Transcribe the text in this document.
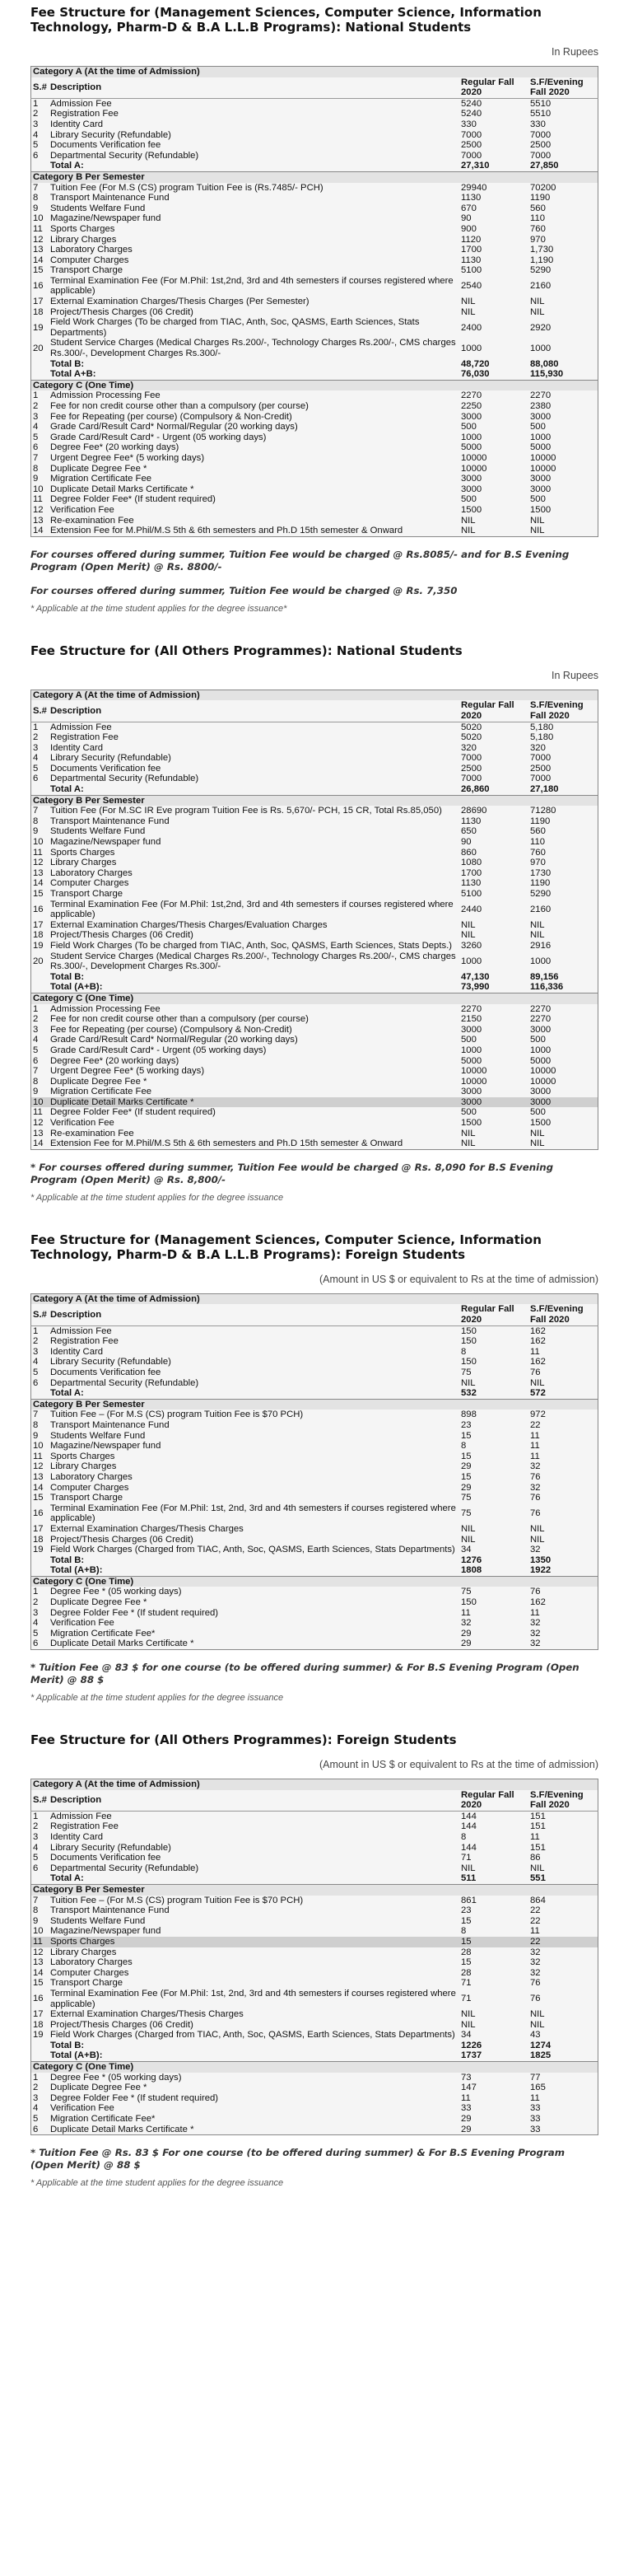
Fee Structure for (Management Sciences, Computer Science, Information Technology, Pharm-D & B.A L.L.B Programs): National Students
In Rupees
Category A (At the time of Admission)			
S.#	Description	Regular Fall 2020	S.F/Evening Fall 2020
1	Admission Fee	5240	5510
2	Registration Fee	5240	5510
3	Identity Card	330	330
4	Library Security (Refundable)	7000	7000
5	Documents Verification fee	2500	2500
6	Departmental Security (Refundable)	7000	7000
	Total A:	27,310	27,850
Category B Per Semester			
7	Tuition Fee (For M.S (CS) program Tuition Fee is (Rs.7485/- PCH)	29940	70200
8	Transport Maintenance Fund	1130	1190
9	Students Welfare Fund	670	560
10	Magazine/Newspaper fund	90	110
11	Sports Charges	900	760
12	Library Charges	1120	970
13	Laboratory Charges	1700	1,730
14	Computer Charges	1130	1,190
15	Transport Charge	5100	5290
16	Terminal Examination Fee (For M.Phil: 1st,2nd, 3rd and 4th semesters if courses registered where applicable)	2540	2160
17	External Examination Charges/Thesis Charges (Per Semester)	NIL	NIL
18	Project/Thesis Charges (06 Credit)	NIL	NIL
19	Field Work Charges (To be charged from TIAC, Anth, Soc, QASMS, Earth Sciences, Stats Departments)	2400	2920
20	Student Service Charges (Medical Charges Rs.200/-, Technology Charges Rs.200/-, CMS charges Rs.300/-, Development Charges Rs.300/-	1000	1000
	Total B:	48,720	88,080
	Total A+B:	76,030	115,930
Category C (One Time)			
1	Admission Processing Fee	2270	2270
2	Fee for non credit course other than a compulsory (per course)	2250	2380
3	Fee for Repeating (per course) (Compulsory & Non-Credit)	3000	3000
4	Grade Card/Result Card* Normal/Regular (20 working days)	500	500
5	Grade Card/Result Card* - Urgent (05 working days)	1000	1000
6	Degree Fee* (20 working days)	5000	5000
7	Urgent Degree Fee* (5 working days)	10000	10000
8	Duplicate Degree Fee *	10000	10000
9	Migration Certificate Fee	3000	3000
10	Duplicate Detail Marks Certificate *	3000	3000
11	Degree Folder Fee* (If student required)	500	500
12	Verification Fee	1500	1500
13	Re-examination Fee	NIL	NIL
14	Extension Fee for M.Phil/M.S 5th & 6th semesters and Ph.D 15th semester & Onward	NIL	NIL

For courses offered during summer, Tuition Fee would be charged @ Rs.8085/- and for B.S Evening Program (Open Merit) @ Rs. 8800/-

For courses offered during summer, Tuition Fee would be charged @ Rs. 7,350

* Applicable at the time student applies for the degree issuance*

Fee Structure for (All Others Programmes): National Students
In Rupees
Category A (At the time of Admission)			
S.#	Description	Regular Fall 2020	S.F/Evening Fall 2020
1	Admission Fee	5020	5,180
2	Registration Fee	5020	5,180
3	Identity Card	320	320
4	Library Security (Refundable)	7000	7000
5	Documents Verification fee	2500	2500
6	Departmental Security (Refundable)	7000	7000
	Total A:	26,860	27,180
Category B Per Semester			
7	Tuition Fee (For M.SC IR Eve program Tuition Fee is Rs. 5,670/- PCH, 15 CR, Total Rs.85,050)	28690	71280
8	Transport Maintenance Fund	1130	1190
9	Students Welfare Fund	650	560
10	Magazine/Newspaper fund	90	110
11	Sports Charges	860	760
12	Library Charges	1080	970
13	Laboratory Charges	1700	1730
14	Computer Charges	1130	1190
15	Transport Charge	5100	5290
16	Terminal Examination Fee (For M.Phil: 1st,2nd, 3rd and 4th semesters if courses registered where applicable)	2440	2160
17	External Examination Charges/Thesis Charges/Evaluation Charges	NIL	NIL
18	Project/Thesis Charges (06 Credit)	NIL	NIL
19	Field Work Charges (To be charged from TIAC, Anth, Soc, QASMS, Earth Sciences, Stats Depts.)	3260	2916
20	Student Service Charges (Medical Charges Rs.200/-, Technology Charges Rs.200/-, CMS charges Rs.300/-, Development Charges Rs.300/-	1000	1000
	Total B:	47,130	89,156
	Total (A+B):	73,990	116,336
Category C (One Time)			
1	Admission Processing Fee	2270	2270
2	Fee for non credit course other than a compulsory (per course)	2150	2270
3	Fee for Repeating (per course) (Compulsory & Non-Credit)	3000	3000
4	Grade Card/Result Card* Normal/Regular (20 working days)	500	500
5	Grade Card/Result Card* - Urgent (05 working days)	1000	1000
6	Degree Fee* (20 working days)	5000	5000
7	Urgent Degree Fee* (5 working days)	10000	10000
8	Duplicate Degree Fee *	10000	10000
9	Migration Certificate Fee	3000	3000
10	Duplicate Detail Marks Certificate *	3000	3000
11	Degree Folder Fee* (If student required)	500	500
12	Verification Fee	1500	1500
13	Re-examination Fee	NIL	NIL
14	Extension Fee for M.Phil/M.S 5th & 6th semesters and Ph.D 15th semester & Onward	NIL	NIL

* For courses offered during summer, Tuition Fee would be charged @ Rs. 8,090 for B.S Evening Program (Open Merit) @ Rs. 8,800/-

* Applicable at the time student applies for the degree issuance

Fee Structure for (Management Sciences, Computer Science, Information Technology, Pharm-D & B.A L.L.B Programs): Foreign Students
(Amount in US $ or equivalent to Rs at the time of admission)
Category A (At the time of Admission)			
S.#	Description	Regular Fall 2020	S.F/Evening Fall 2020
1	Admission Fee	150	162
2	Registration Fee	150	162
3	Identity Card	8	11
4	Library Security (Refundable)	150	162
5	Documents Verification fee	75	76
6	Departmental Security (Refundable)	NIL	NIL
	Total A:	532	572
Category B Per Semester			
7	Tuition Fee – (For M.S (CS) program Tuition Fee is $70 PCH)	898	972
8	Transport Maintenance Fund	23	22
9	Students Welfare Fund	15	11
10	Magazine/Newspaper fund	8	11
11	Sports Charges	15	11
12	Library Charges	29	32
13	Laboratory Charges	15	76
14	Computer Charges	29	32
15	Transport Charge	75	76
16	Terminal Examination Fee (For M.Phil: 1st, 2nd, 3rd and 4th semesters if courses registered where applicable)	75	76
17	External Examination Charges/Thesis Charges	NIL	NIL
18	Project/Thesis Charges (06 Credit)	NIL	NIL
19	Field Work Charges (Charged from TIAC, Anth, Soc, QASMS, Earth Sciences, Stats Departments)	34	32
	Total B:	1276	1350
	Total (A+B):	1808	1922
Category C (One Time)			
1	Degree Fee * (05 working days)	75	76
2	Duplicate Degree Fee *	150	162
3	Degree Folder Fee * (If student required)	11	11
4	Verification Fee	32	32
5	Migration Certificate Fee*	29	32
6	Duplicate Detail Marks Certificate *	29	32

* Tuition Fee @ 83 $ for one course (to be offered during summer) & For B.S Evening Program (Open Merit) @ 88 $

* Applicable at the time student applies for the degree issuance

Fee Structure for (All Others Programmes): Foreign Students
(Amount in US $ or equivalent to Rs at the time of admission)
Category A (At the time of Admission)			
S.#	Description	Regular Fall 2020	S.F/Evening Fall 2020
1	Admission Fee	144	151
2	Registration Fee	144	151
3	Identity Card	8	11
4	Library Security (Refundable)	144	151
5	Documents Verification fee	71	86
6	Departmental Security (Refundable)	NIL	NIL
	Total A:	511	551
Category B Per Semester			
7	Tuition Fee – (For M.S (CS) program Tuition Fee is $70 PCH)	861	864
8	Transport Maintenance Fund	23	22
9	Students Welfare Fund	15	22
10	Magazine/Newspaper fund	8	11
11	Sports Charges	15	22
12	Library Charges	28	32
13	Laboratory Charges	15	32
14	Computer Charges	28	32
15	Transport Charge	71	76
16	Terminal Examination Fee (For M.Phil: 1st, 2nd, 3rd and 4th semesters if courses registered where applicable)	71	76
17	External Examination Charges/Thesis Charges	NIL	NIL
18	Project/Thesis Charges (06 Credit)	NIL	NIL
19	Field Work Charges (Charged from TIAC, Anth, Soc, QASMS, Earth Sciences, Stats Departments)	34	43
	Total B:	1226	1274
	Total (A+B):	1737	1825
Category C (One Time)			
1	Degree Fee * (05 working days)	73	77
2	Duplicate Degree Fee *	147	165
3	Degree Folder Fee * (If student required)	11	11
4	Verification Fee	33	33
5	Migration Certificate Fee*	29	33
6	Duplicate Detail Marks Certificate *	29	33

* Tuition Fee @ Rs. 83 $ For one course (to be offered during summer) & For B.S Evening Program (Open Merit) @ 88 $

* Applicable at the time student applies for the degree issuance
